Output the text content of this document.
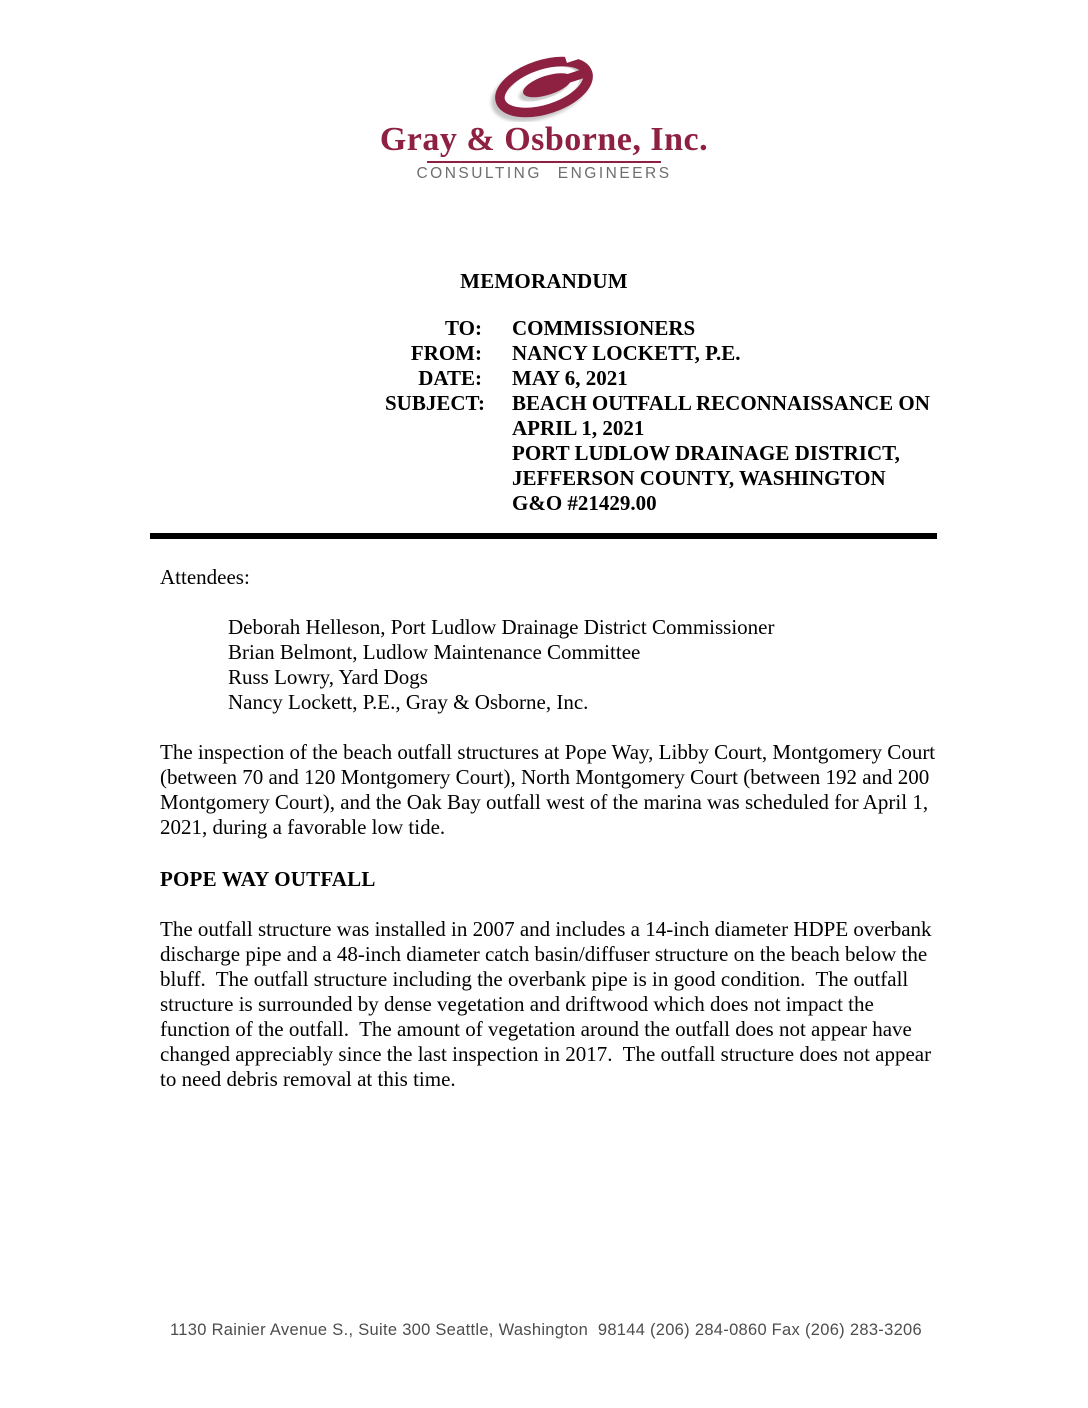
Gray & Osborne, Inc.
CONSULTING ENGINEERS
MEMORANDUM
TO: COMMISSIONERS
FROM: NANCY LOCKETT, P.E.
DATE: MAY 6, 2021
SUBJECT: BEACH OUTFALL RECONNAISSANCE ON
APRIL 1, 2021
PORT LUDLOW DRAINAGE DISTRICT,
JEFFERSON COUNTY, WASHINGTON
G&O #21429.00
Attendees:
Deborah Helleson, Port Ludlow Drainage District Commissioner
Brian Belmont, Ludlow Maintenance Committee
Russ Lowry, Yard Dogs
Nancy Lockett, P.E., Gray & Osborne, Inc.
The inspection of the beach outfall structures at Pope Way, Libby Court, Montgomery Court (between 70 and 120 Montgomery Court), North Montgomery Court (between 192 and 200 Montgomery Court), and the Oak Bay outfall west of the marina was scheduled for April 1, 2021, during a favorable low tide.
POPE WAY OUTFALL
The outfall structure was installed in 2007 and includes a 14-inch diameter HDPE overbank discharge pipe and a 48-inch diameter catch basin/diffuser structure on the beach below the bluff.  The outfall structure including the overbank pipe is in good condition.  The outfall structure is surrounded by dense vegetation and driftwood which does not impact the function of the outfall.  The amount of vegetation around the outfall does not appear have changed appreciably since the last inspection in 2017.  The outfall structure does not appear to need debris removal at this time.
1130 Rainier Avenue S., Suite 300 Seattle, Washington  98144 (206) 284-0860 Fax (206) 283-3206
